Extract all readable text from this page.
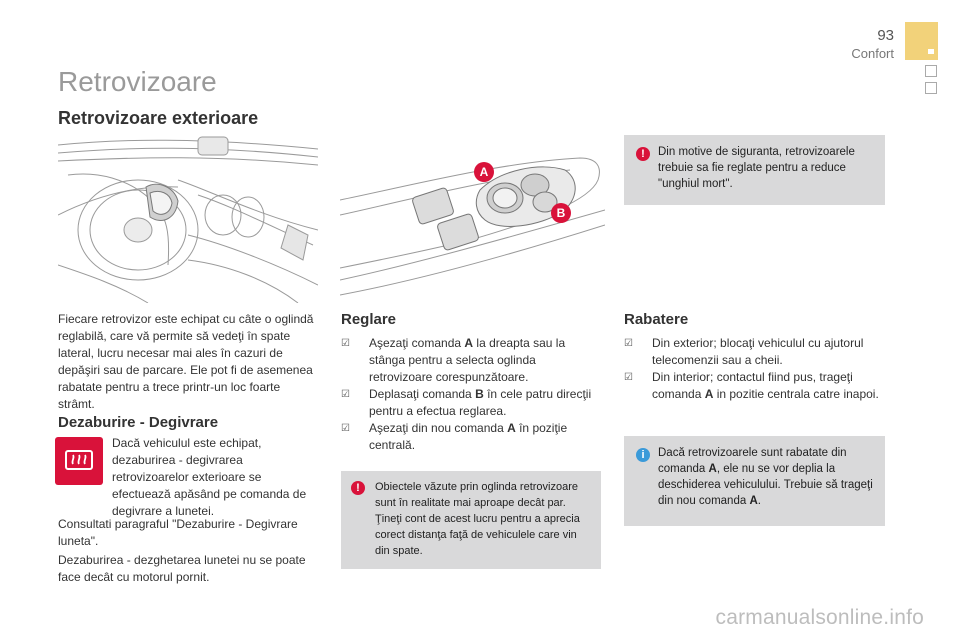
93
Confort
Retrovizoare
Retrovizoare exterioare
A
B
!	Din motive de siguranta, retrovizoarele trebuie sa fie reglate pentru a reduce "unghiul mort".
Fiecare retrovizor este echipat cu câte o oglindă reglabilă, care vă permite să vedeţi în spate lateral, lucru necesar mai ales în cazuri de depăşiri sau de parcare. Ele pot fi de asemenea rabatate pentru a trece printr-un loc foarte strâmt.
Dezaburire - Degivrare
Dacă vehiculul este echipat, dezaburirea - degivrarea retrovizoarelor exterioare se efectuează apăsând pe comanda de degivrare a lunetei.
Consultati paragraful "Dezaburire - Degivrare luneta".
Dezaburirea - dezghetarea lunetei nu se poate face decât cu motorul pornit.
Reglare
☑ Aşezaţi comanda A la dreapta sau la stânga pentru a selecta oglinda retrovizoare corespunzătoare.
☑ Deplasaţi comanda B în cele patru direcţii pentru a efectua reglarea.
☑ Aşezaţi din nou comanda A în poziţie centrală.
!	Obiectele văzute prin oglinda retrovizoare sunt în realitate mai aproape decât par. Ţineţi cont de acest lucru pentru a aprecia corect distanţa faţă de vehiculele care vin din spate.
Rabatere
☑ Din exterior; blocaţi vehiculul cu ajutorul telecomenzii sau a cheii.
☑ Din interior; contactul fiind pus, trageţi comanda A in pozitie centrala catre inapoi.
i	Dacă retrovizoarele sunt rabatate din comanda A, ele nu se vor deplia la deschiderea vehiculului. Trebuie să trageţi din nou comanda A.
carmanualsonline.info
